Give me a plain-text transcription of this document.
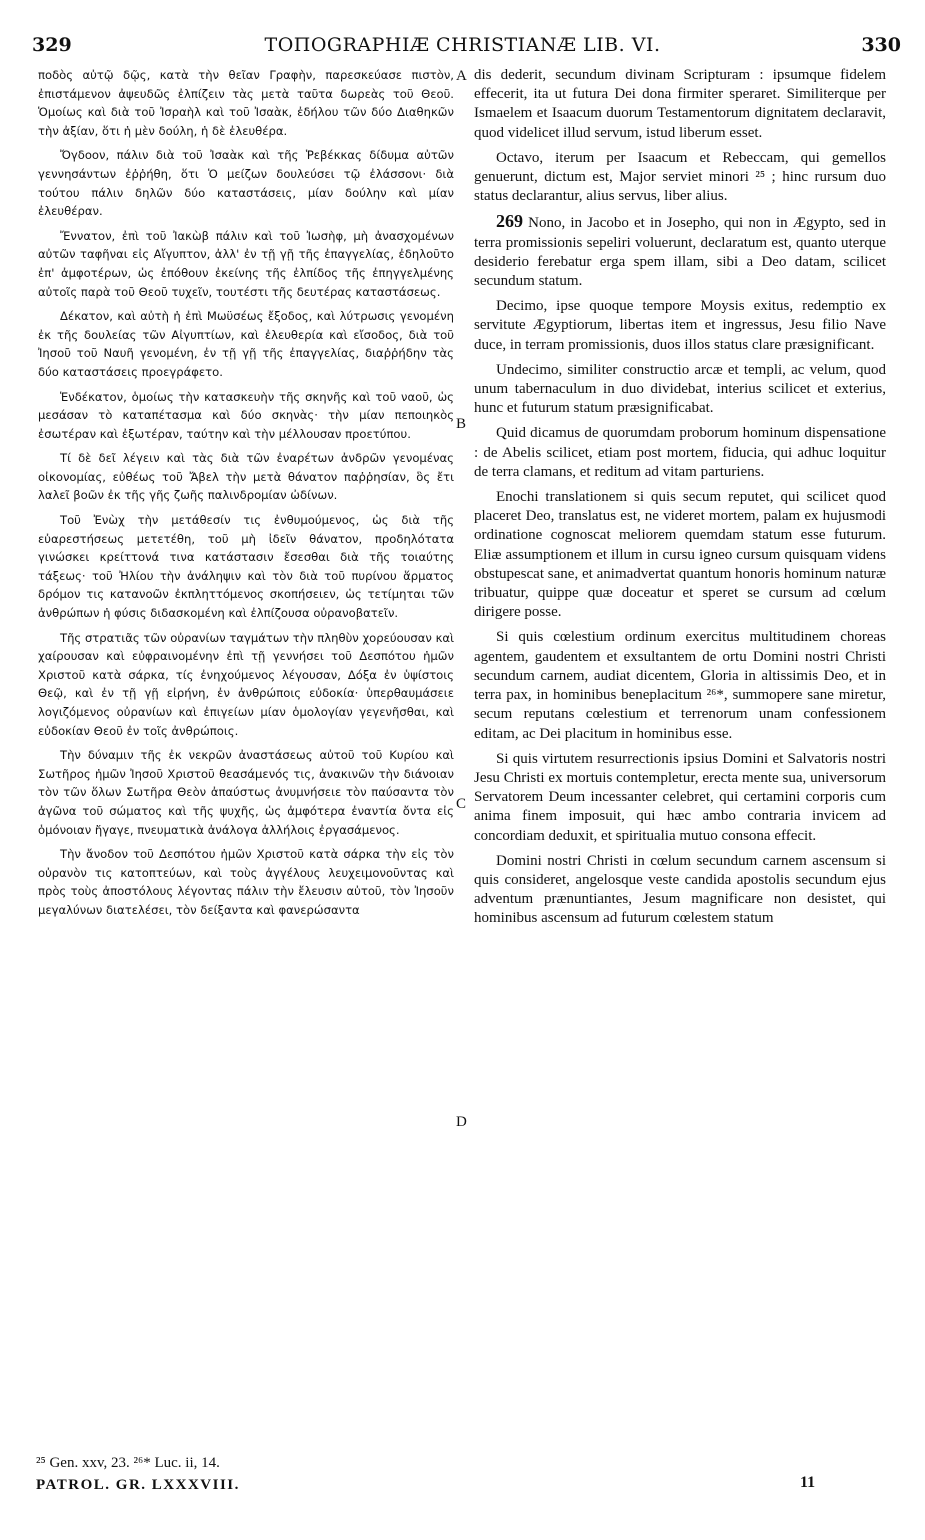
329	ΤΟΠΟGRAPHIÆ CHRISTIANÆ LIB. VI.	330

ποδὸς αὐτῷ δῷς, κατὰ τὴν θεῖαν Γραφὴν, παρεσκεύασε πιστὸν, ἐπιστάμενον ἀψευδῶς ἐλπίζειν τὰς μετὰ ταῦτα δωρεὰς τοῦ Θεοῦ. Ὁμοίως καὶ διὰ τοῦ Ἰσραὴλ καὶ τοῦ Ἰσαὰκ, ἐδήλου τῶν δύο Διαθηκῶν τὴν ἀξίαν, ὅτι ἡ μὲν δούλη, ἡ δὲ ἐλευθέρα.

Ὄγδοον, πάλιν διὰ τοῦ Ἰσαὰκ καὶ τῆς Ῥεβέκκας δίδυμα αὐτῶν γεννησάντων ἐῤῥήθη, ὅτι Ὁ μείζων δουλεύσει τῷ ἐλάσσονι· διὰ τούτου πάλιν δηλῶν δύο καταστάσεις, μίαν δούλην καὶ μίαν ἐλευθέραν.

Ἔννατον, ἐπὶ τοῦ Ἰακὼβ πάλιν καὶ τοῦ Ἰωσὴφ, μὴ ἀνασχομένων αὐτῶν ταφῆναι εἰς Αἴγυπτον, ἀλλ' ἐν τῇ γῇ τῆς ἐπαγγελίας, ἐδηλοῦτο ἐπ' ἀμφοτέρων, ὡς ἐπόθουν ἐκείνης τῆς ἐλπίδος τῆς ἐπηγγελμένης αὐτοῖς παρὰ τοῦ Θεοῦ τυχεῖν, τουτέστι τῆς δευτέρας καταστάσεως.

Δέκατον, καὶ αὐτὴ ἡ ἐπὶ Μωϋσέως ἔξοδος, καὶ λύτρωσις γενομένη ἐκ τῆς δουλείας τῶν Αἰγυπτίων, καὶ ἐλευθερία καὶ εἴσοδος, διὰ τοῦ Ἰησοῦ τοῦ Ναυῆ γενομένη, ἐν τῇ γῇ τῆς ἐπαγγελίας, διαῤῥήδην τὰς δύο καταστάσεις προεγράφετο.

Ἑνδέκατον, ὁμοίως τὴν κατασκευὴν τῆς σκηνῆς καὶ τοῦ ναοῦ, ὡς μεσάσαν τὸ καταπέτασμα καὶ δύο σκηνὰς· τὴν μίαν πεποιηκὸς ἐσωτέραν καὶ ἐξωτέραν, ταύτην καὶ τὴν μέλλουσαν προετύπου.

Τί δὲ δεῖ λέγειν καὶ τὰς διὰ τῶν ἐναρέτων ἀνδρῶν γενομένας οἰκονομίας, εὐθέως τοῦ Ἄβελ τὴν μετὰ θάνατον παῤῥησίαν, ὃς ἔτι λαλεῖ βοῶν ἐκ τῆς γῆς ζωῆς παλινδρομίαν ὠδίνων.

Τοῦ Ἐνὼχ τὴν μετάθεσίν τις ἐνθυμούμενος, ὡς διὰ τῆς εὐαρεστήσεως μετετέθη, τοῦ μὴ ἰδεῖν θάνατον, προδηλότατα γινώσκει κρείττονά τινα κατάστασιν ἔσεσθαι διὰ τῆς τοιαύτης τάξεως· τοῦ Ἠλίου τὴν ἀνάληψιν καὶ τὸν διὰ τοῦ πυρίνου ἅρματος δρόμον τις κατανοῶν ἐκπληττόμενος σκοπήσειεν, ὡς τετίμηται τῶν ἀνθρώπων ἡ φύσις διδασκομένη καὶ ἐλπίζουσα οὐρανοβατεῖν.

Τῆς στρατιᾶς τῶν οὐρανίων ταγμάτων τὴν πληθὺν χορεύουσαν καὶ χαίρουσαν καὶ εὐφραινομένην ἐπὶ τῇ γεννήσει τοῦ Δεσπότου ἡμῶν Χριστοῦ κατὰ σάρκα, τίς ἐνηχούμενος λέγουσαν, Δόξα ἐν ὑψίστοις Θεῷ, καὶ ἐν τῇ γῇ εἰρήνη, ἐν ἀνθρώποις εὐδοκία· ὑπερθαυμάσειε λογιζόμενος οὐρανίων καὶ ἐπιγείων μίαν ὁμολογίαν γεγενῆσθαι, καὶ εὐδοκίαν Θεοῦ ἐν τοῖς ἀνθρώποις.

Τὴν δύναμιν τῆς ἐκ νεκρῶν ἀναστάσεως αὐτοῦ τοῦ Κυρίου καὶ Σωτῆρος ἡμῶν Ἰησοῦ Χριστοῦ θεασάμενός τις, ἀνακινῶν τὴν διάνοιαν τὸν τῶν ὅλων Σωτῆρα Θεὸν ἀπαύστως ἀνυμνήσειε τὸν παύσαντα τὸν ἀγῶνα τοῦ σώματος καὶ τῆς ψυχῆς, ὡς ἀμφότερα ἐναντία ὄντα εἰς ὁμόνοιαν ἤγαγε, πνευματικὰ ἀνάλογα ἀλλήλοις ἐργασάμενος.

Τὴν ἄνοδον τοῦ Δεσπότου ἡμῶν Χριστοῦ κατὰ σάρκα τὴν εἰς τὸν οὐρανὸν τις κατοπτεύων, καὶ τοὺς ἀγγέλους λευχειμονοῦντας καὶ πρὸς τοὺς ἀποστόλους λέγοντας πάλιν τὴν ἔλευσιν αὐτοῦ, τὸν Ἰησοῦν μεγαλύνων διατελέσει, τὸν δείξαντα καὶ φανερώσαντα

A
B
C
D

dis dederit, secundum divinam Scripturam : ipsumque fidelem effecerit, ita ut futura Dei dona firmiter speraret. Similiterque per Ismaelem et Isaacum duorum Testamentorum dignitatem declaravit, quod videlicet illud servum, istud liberum esset.

Octavo, iterum per Isaacum et Rebeccam, qui gemellos genuerunt, dictum est, Major serviet minori ²⁵ ; hinc rursum duo status declarantur, alius servus, liber alius.

269 Nono, in Jacobo et in Josepho, qui non in Ægypto, sed in terra promissionis sepeliri voluerunt, declaratum est, quanto uterque desiderio ferebatur erga spem illam, sibi a Deo datam, scilicet secundum statum.

Decimo, ipse quoque tempore Moysis exitus, redemptio ex servitute Ægyptiorum, libertas item et ingressus, Jesu filio Nave duce, in terram promissionis, duos illos status clare præsignificant.

Undecimo, similiter constructio arcæ et templi, ac velum, quod unum tabernaculum in duo dividebat, interius scilicet et exterius, hunc et futurum statum præsignificabat.

Quid dicamus de quorumdam proborum hominum dispensatione : de Abelis scilicet, etiam post mortem, fiducia, qui adhuc loquitur de terra clamans, et reditum ad vitam parturiens.

Enochi translationem si quis secum reputet, qui scilicet quod placeret Deo, translatus est, ne videret mortem, palam ex hujusmodi ordinatione cognoscat meliorem quemdam statum esse futurum. Eliæ assumptionem et illum in cursu igneo cursum quisquam videns obstupescat sane, et animadvertat quantum honoris hominum naturæ tribuatur, quippe quæ doceatur et speret se cursum ad cœlum dirigere posse.

Si quis cœlestium ordinum exercitus multitudinem choreas agentem, gaudentem et exsultantem de ortu Domini nostri Christi secundum carnem, audiat dicentem, Gloria in altissimis Deo, et in terra pax, in hominibus beneplacitum ²⁶*, summopere sane miretur, secum reputans cœlestium et terrenorum unam confessionem editam, ac Dei placitum in hominibus esse.

Si quis virtutem resurrectionis ipsius Domini et Salvatoris nostri Jesu Christi ex mortuis contempletur, erecta mente sua, universorum Servatorem Deum incessanter celebret, qui certamini corporis cum anima finem imposuit, qui hæc ambo contraria invicem ad concordiam deduxit, et spiritualia mutuo consona effecit.

Domini nostri Christi in cœlum secundum carnem ascensum si quis consideret, angelosque veste candida apostolis secundum ejus adventum prænuntiantes, Jesum magnificare non desistet, qui hominibus ascensum ad futurum cœlestem statum

²⁵ Gen. xxv, 23. ²⁶* Luc. ii, 14.
PATROL. GR. LXXXVIII.	11
